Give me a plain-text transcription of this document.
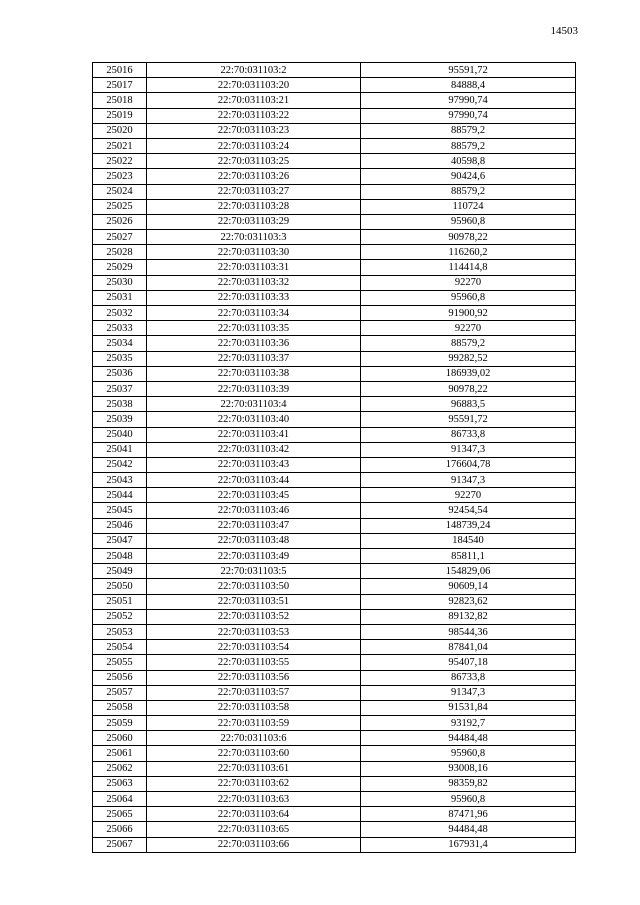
14503
25016	22:70:031103:2	95591,72
25017	22:70:031103:20	84888,4
25018	22:70:031103:21	97990,74
25019	22:70:031103:22	97990,74
25020	22:70:031103:23	88579,2
25021	22:70:031103:24	88579,2
25022	22:70:031103:25	40598,8
25023	22:70:031103:26	90424,6
25024	22:70:031103:27	88579,2
25025	22:70:031103:28	110724
25026	22:70:031103:29	95960,8
25027	22:70:031103:3	90978,22
25028	22:70:031103:30	116260,2
25029	22:70:031103:31	114414,8
25030	22:70:031103:32	92270
25031	22:70:031103:33	95960,8
25032	22:70:031103:34	91900,92
25033	22:70:031103:35	92270
25034	22:70:031103:36	88579,2
25035	22:70:031103:37	99282,52
25036	22:70:031103:38	186939,02
25037	22:70:031103:39	90978,22
25038	22:70:031103:4	96883,5
25039	22:70:031103:40	95591,72
25040	22:70:031103:41	86733,8
25041	22:70:031103:42	91347,3
25042	22:70:031103:43	176604,78
25043	22:70:031103:44	91347,3
25044	22:70:031103:45	92270
25045	22:70:031103:46	92454,54
25046	22:70:031103:47	148739,24
25047	22:70:031103:48	184540
25048	22:70:031103:49	85811,1
25049	22:70:031103:5	154829,06
25050	22:70:031103:50	90609,14
25051	22:70:031103:51	92823,62
25052	22:70:031103:52	89132,82
25053	22:70:031103:53	98544,36
25054	22:70:031103:54	87841,04
25055	22:70:031103:55	95407,18
25056	22:70:031103:56	86733,8
25057	22:70:031103:57	91347,3
25058	22:70:031103:58	91531,84
25059	22:70:031103:59	93192,7
25060	22:70:031103:6	94484,48
25061	22:70:031103:60	95960,8
25062	22:70:031103:61	93008,16
25063	22:70:031103:62	98359,82
25064	22:70:031103:63	95960,8
25065	22:70:031103:64	87471,96
25066	22:70:031103:65	94484,48
25067	22:70:031103:66	167931,4
